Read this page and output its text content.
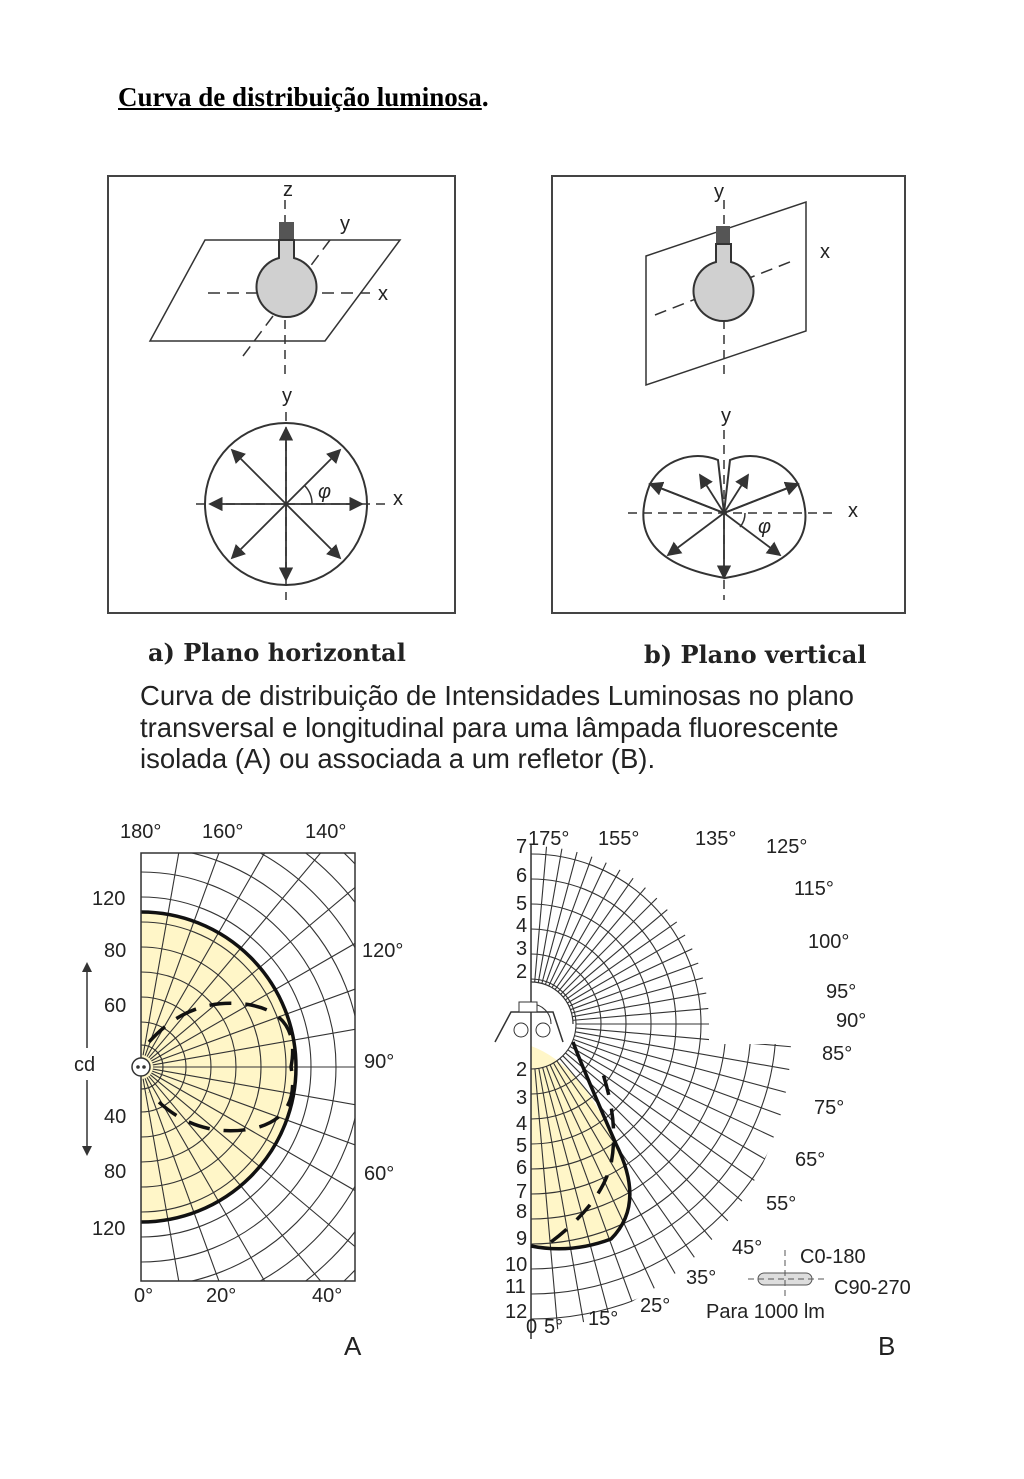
Curva de distribuição luminosa.
z
y
x
φ
y
x
y
x
φ
y
x
180° 160°	140°
120°
90°
60°
0°	20°	40°
120
80
60
40
80
120
cd
A
175° 155°	135° 125°
115°
100°
95°
90°
85°
75°
65°
55°
45°
35°
25°
15°
5°
0
7
6
5
4
3
2
2
3
4
5
6
7
8
9
10
11
12
C0-180
C90-270
Para 1000 lm
B
a) Plano horizontal	b) Plano vertical
Curva de distribuição de Intensidades Luminosas no plano transversal e longitudinal para uma lâmpada fluorescente isolada (A) ou associada a um refletor (B).
